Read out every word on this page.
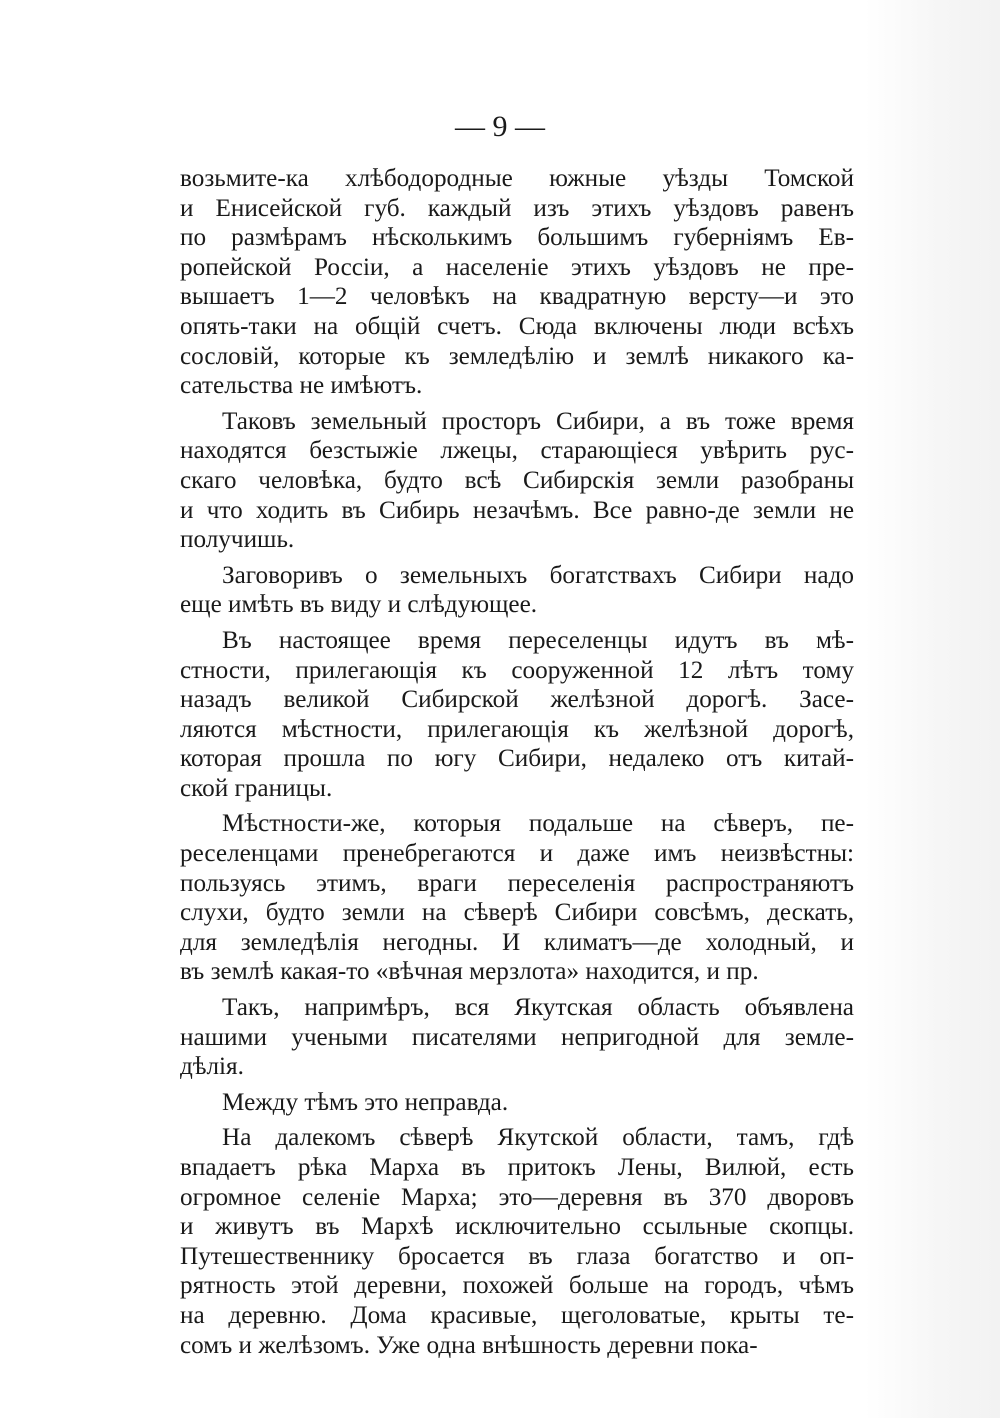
— 9 —

возьмите-ка хлѣбодородные южные уѣзды Томской
и Енисейской губ. каждый изъ этихъ уѣздовъ равенъ
по размѣрамъ нѣсколькимъ большимъ губерніямъ Ев-
ропейской Россіи, а населеніе этихъ уѣздовъ не пре-
вышаетъ 1—2 человѣкъ на квадратную версту—и это
опять-таки на общій счетъ. Сюда включены люди всѣхъ
сословій, которые къ земледѣлію и землѣ никакого ка-
сательства не имѣютъ.

Таковъ земельный просторъ Сибири, а въ тоже время
находятся безстыжіе лжецы, старающіеся увѣрить рус-
скаго человѣка, будто всѣ Сибирскія земли разобраны
и что ходить въ Сибирь незачѣмъ. Все равно-де земли не
получишь.

Заговоривъ о земельныхъ богатствахъ Сибири надо
еще имѣть въ виду и слѣдующее.

Въ настоящее время переселенцы идутъ въ мѣ-
стности, прилегающія къ сооруженной 12 лѣтъ тому
назадъ великой Сибирской желѣзной дорогѣ. Засе-
ляются мѣстности, прилегающія къ желѣзной дорогѣ,
которая прошла по югу Сибири, недалеко отъ китай-
ской границы.

Мѣстности-же, которыя подальше на сѣверъ, пе-
реселенцами пренебрегаются и даже имъ неизвѣстны:
пользуясь этимъ, враги переселенія распространяютъ
слухи, будто земли на сѣверѣ Сибири совсѣмъ, дескать,
для земледѣлія негодны. И климатъ—де холодный, и
въ землѣ какая-то «вѣчная мерзлота» находится, и пр.

Такъ, напримѣръ, вся Якутская область объявлена
нашими учеными писателями непригодной для земле-
дѣлія.

Между тѣмъ это неправда.

На далекомъ сѣверѣ Якутской области, тамъ, гдѣ
впадаетъ рѣка Марха въ притокъ Лены, Вилюй, есть
огромное селеніе Марха; это—деревня въ 370 дворовъ
и живутъ въ Мархѣ исключительно ссыльные скопцы.
Путешественнику бросается въ глаза богатство и оп-
рятность этой деревни, похожей больше на городъ, чѣмъ
на деревню. Дома красивые, щеголоватые, крыты те-
сомъ и желѣзомъ. Уже одна внѣшность деревни пока-
